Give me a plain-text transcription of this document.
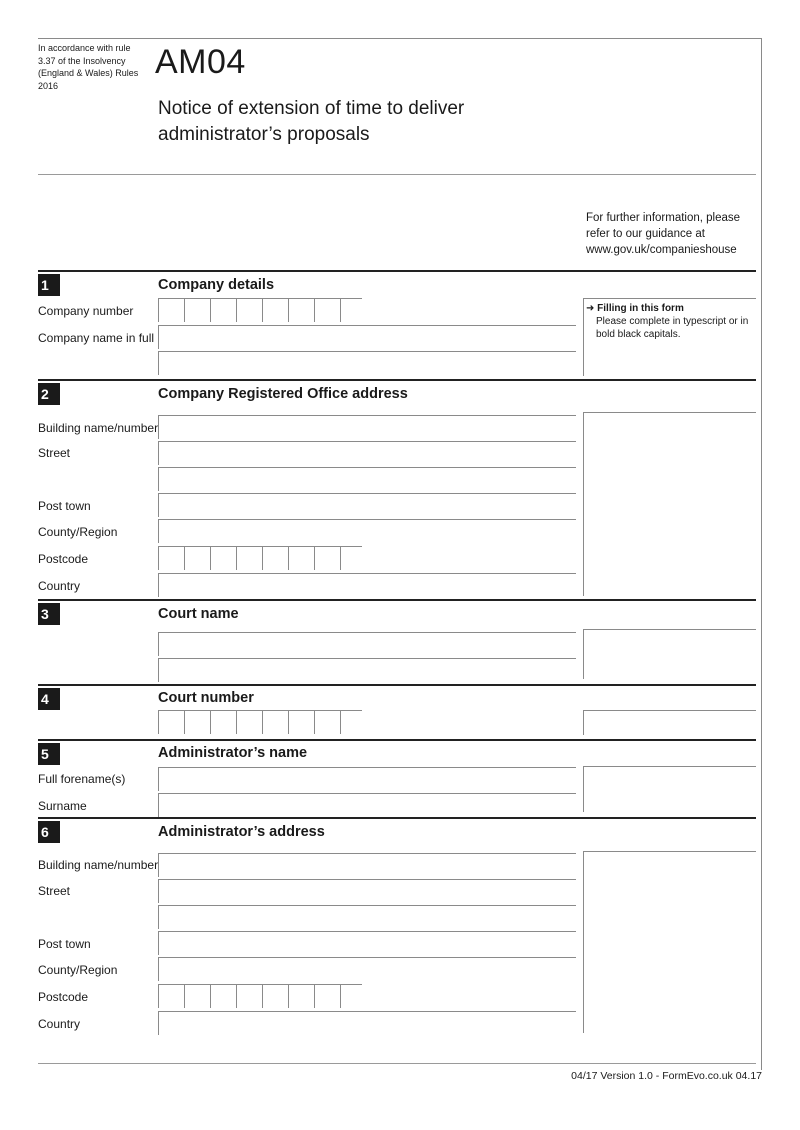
In accordance with rule 3.37 of the Insolvency (England & Wales) Rules 2016
AM04
Notice of extension of time to deliver administrator’s proposals
For further information, please refer to our guidance at www.gov.uk/companieshouse
1	Company details
Company number
Company name in full
➜ Filling in this form
Please complete in typescript or in bold black capitals.
2	Company Registered Office address
Building name/number
Street
Post town
County/Region
Postcode
Country
3	Court name
4	Court number
5	Administrator’s name
Full forename(s)
Surname
6	Administrator’s address
Building name/number
Street
Post town
County/Region
Postcode
Country
04/17 Version 1.0 - FormEvo.co.uk 04.17
